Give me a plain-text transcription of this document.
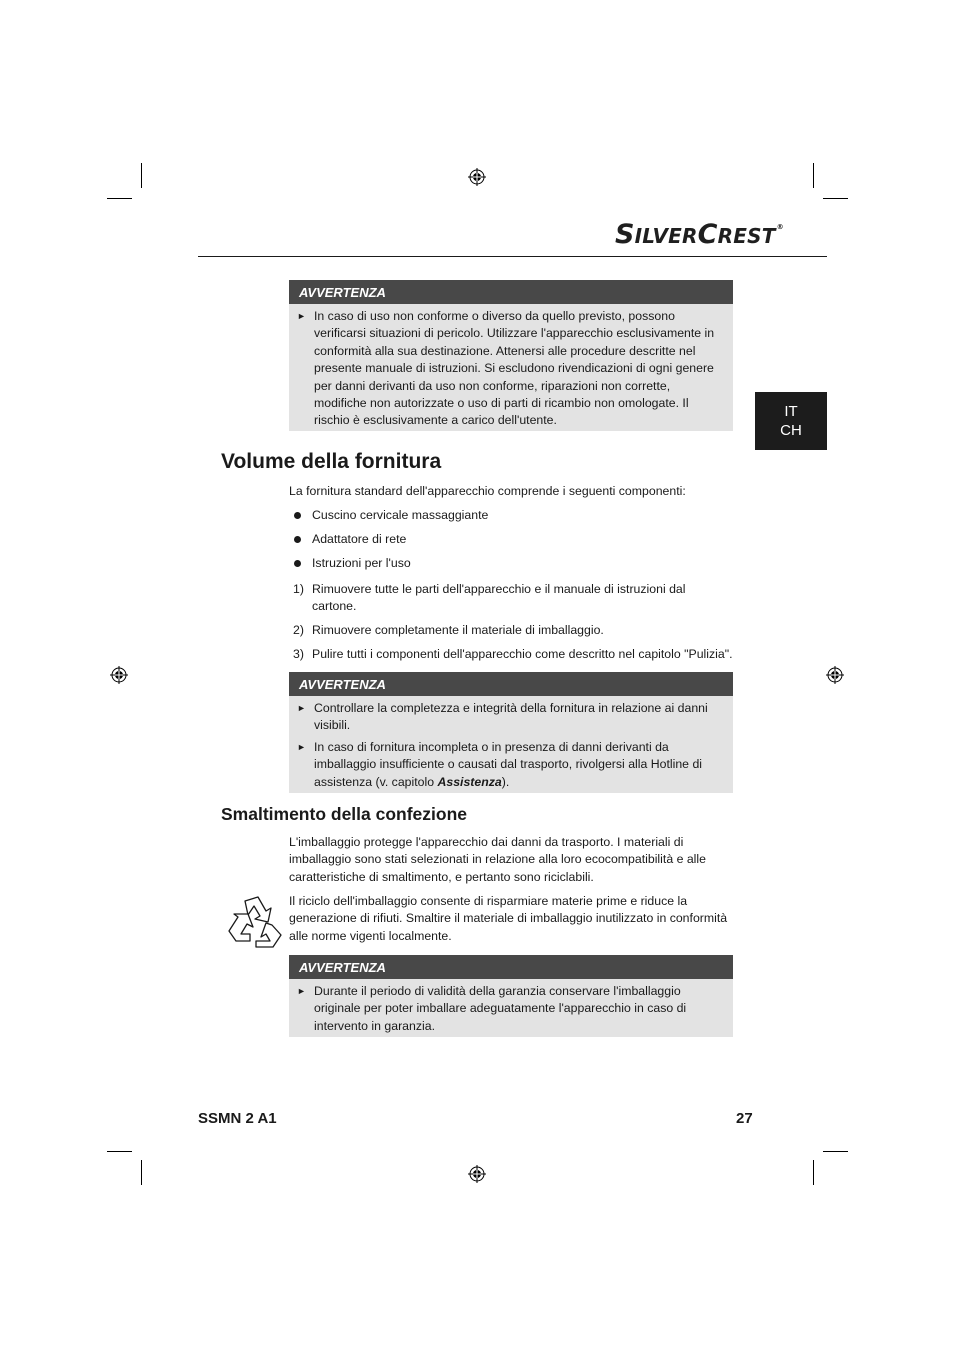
SILVERCREST®
IT
CH
AVVERTENZA
► In caso di uso non conforme o diverso da quello previsto, possono verificarsi situazioni di pericolo. Utilizzare l'apparecchio esclusivamente in conformità alla sua destinazione. Attenersi alle procedure descritte nel presente manuale di istruzioni. Si escludono rivendicazioni di ogni genere per danni derivanti da uso non conforme, riparazioni non corrette, modifiche non autorizzate o uso di parti di ricambio non omologate. Il rischio è esclusivamente a carico dell'utente.
Volume della fornitura
La fornitura standard dell'apparecchio comprende i seguenti componenti:
Cuscino cervicale massaggiante
Adattatore di rete
Istruzioni per l'uso
1) Rimuovere tutte le parti dell'apparecchio e il manuale di istruzioni dal cartone.
2) Rimuovere completamente il materiale di imballaggio.
3) Pulire tutti i componenti dell'apparecchio come descritto nel capitolo "Pulizia".
AVVERTENZA
► Controllare la completezza e integrità della fornitura in relazione ai danni visibili.
► In caso di fornitura incompleta o in presenza di danni derivanti da imballaggio insufficiente o causati dal trasporto, rivolgersi alla Hotline di assistenza (v. capitolo Assistenza).
Smaltimento della confezione
L'imballaggio protegge l'apparecchio dai danni da trasporto. I materiali di imballaggio sono stati selezionati in relazione alla loro ecocompatibilità e alle caratteristiche di smaltimento, e pertanto sono riciclabili.
Il riciclo dell'imballaggio consente di risparmiare materie prime e riduce la generazione di rifiuti. Smaltire il materiale di imballaggio inutilizzato in conformità alle norme vigenti localmente.
AVVERTENZA
► Durante il periodo di validità della garanzia conservare l'imballaggio originale per poter imballare adeguatamente l'apparecchio in caso di intervento in garanzia.
SSMN 2 A1	27
